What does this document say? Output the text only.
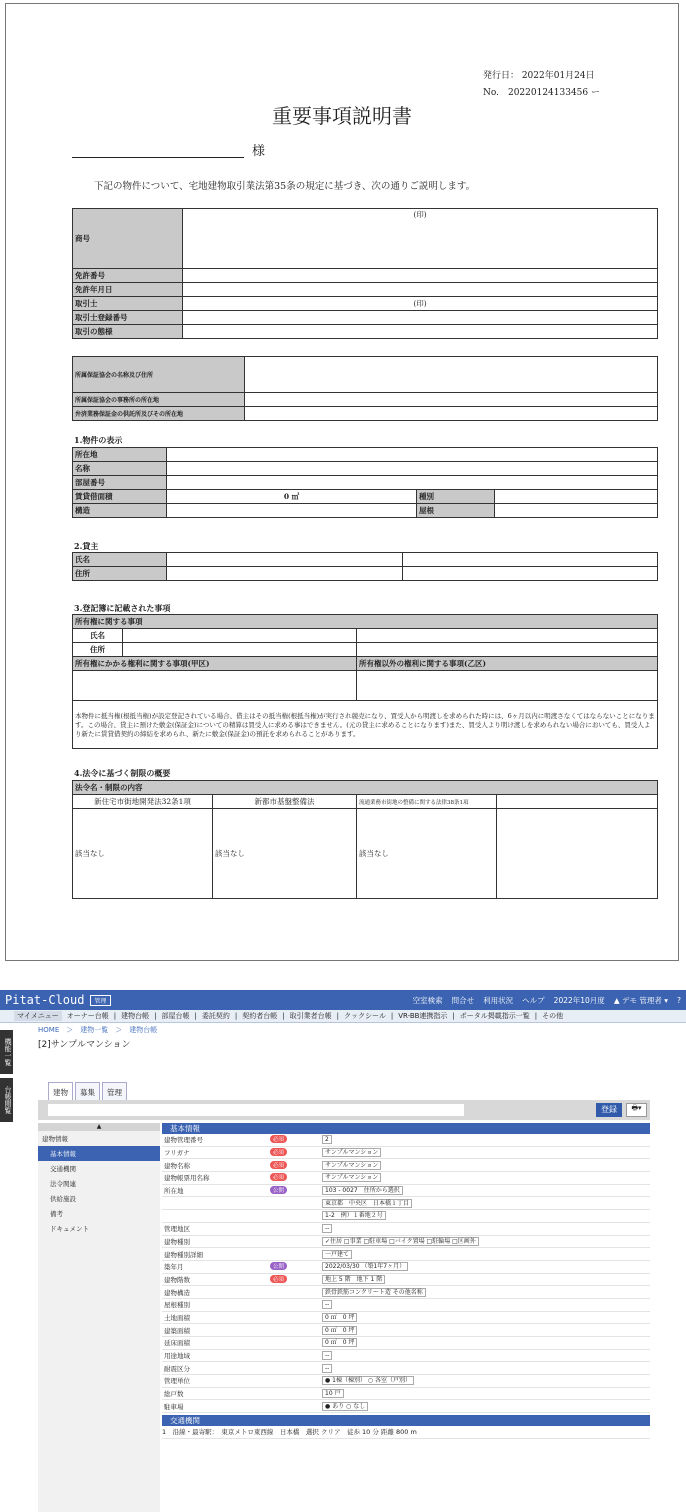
発行日： 2022年01月24日
No.　20220124133456 ー
重要事項説明書
様
下記の物件について、宅地建物取引業法第35条の規定に基づき、次の通りご説明します。
商号	(印)
免許番号	
免許年月日	
取引士	(印)
取引士登録番号	
取引の態様	
所属保証協会の名称及び住所	
所属保証協会の事務所の所在地	
弁済業務保証金の供託所及びその所在地	
1.物件の表示
所在地			
名称			
部屋番号			
賃貸借面積	0 ㎡	種別	
構造		屋根	
2.貸主
氏名		
住所		
3.登記簿に記載された事項
所有権に関する事項		
氏名		
住所		
所有権にかかる権利に関する事項(甲区)		所有権以外の権利に関する事項(乙区)

本物件に抵当権(根抵当権)が設定登記されている場合、借主はその抵当権(根抵当権)が実行され競売になり、買受人から明渡しを求められた時には、6ヶ月以内に明渡さなくてはならないことになります。この場合、貸主に預けた敷金(保証金)についての精算は買受人に求める事はできません。(元の貸主に求めることになります)また、買受人より明け渡しを求められない場合においても、買受人より新たに賃貸借契約の締結を求められ、新たに敷金(保証金)の預託を求められることがあります。		
4.法令に基づく制限の概要
法令名・制限の内容			
新住宅市街地開発法32条1項	新都市基盤整備法	流通業務市街地の整備に関する法律38条1項	
該当なし	該当なし	該当なし	
Pitat-Cloud	管理	空室検索 問合せ 利用状況 ヘルプ 2022年10月度 ▲ デモ 管理者 ▾ ?
マイメニュー	オーナー台帳 | 建物台帳 | 部屋台帳 | 委託契約 | 契約者台帳 | 取引業者台帳 | クックシール | VR-BB連携指示 | ポータル掲載指示一覧 | その他
HOME　＞　建物一覧　＞　建物台帳
[2]サンプルマンション
機能一覧
台帳閲覧	建物	募集	管理
登録	🖶▾
▲
建物情報
基本情報
交通機関
法令関連
供給施設
備考
ドキュメント
基本情報
建物管理番号	必須	2
フリガナ	必須	サンプルマンション
建物名称	必須	サンプルマンション
建物帳票用名称	必須	サンプルマンション
所在地	公開	103 - 0027　住所から選択
東京都　中央区　日本橋１丁目
1-2　例）１番地２号
管理地区	--
建物種別	✓住居 □事業 □駐車場 □バイク置場 □駐輪場 □区画外
建物種別詳細	一戸建て
築年月	公開	2022/03/30 （築1年7ヶ月）
建物階数	必須	地上 5 階　地下 1 階
建物構造	鉄骨鉄筋コンクリート造 その他名称
屋根種別	--
土地面積	0 ㎡　0 坪
建築面積	0 ㎡　0 坪
延床面積	0 ㎡　0 坪
用途地域	--
耐震区分	--
管理単位	● 1棟（棟別） ○ 各室（戸別）
総戸数	10 戸
駐車場	● あり ○ なし
交通機関
1　沿線・最寄駅：　東京メトロ東西線　日本橋　選択 クリア　徒歩 10 分 距離 800 m
